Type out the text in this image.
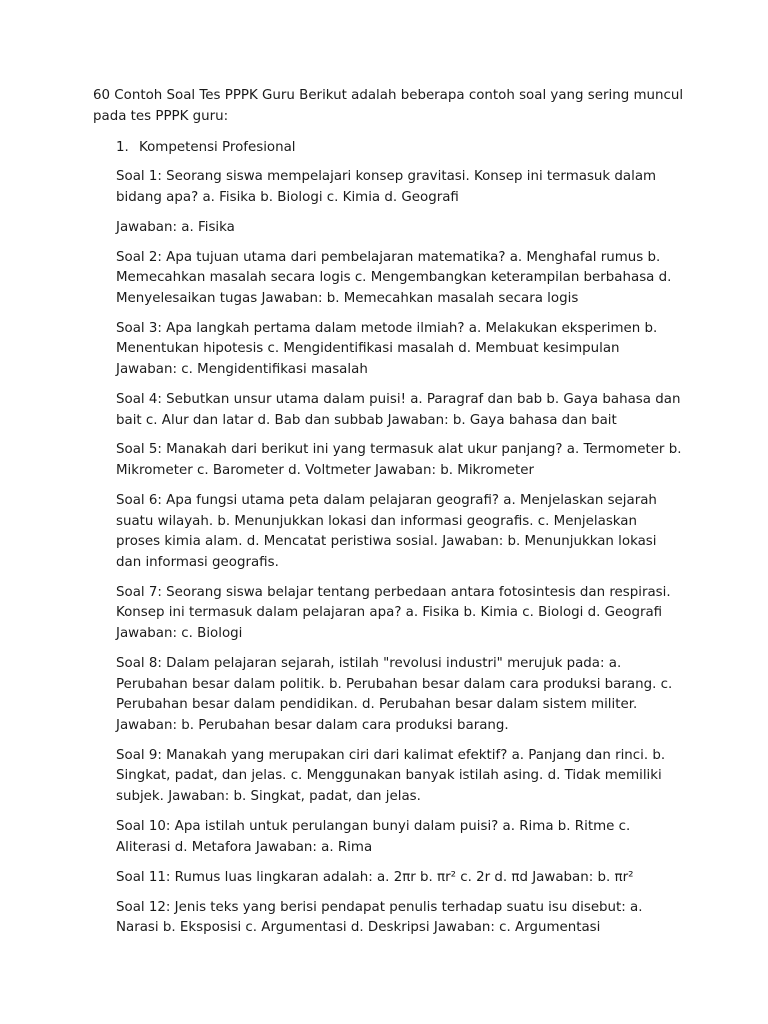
60 Contoh Soal Tes PPPK Guru Berikut adalah beberapa contoh soal yang sering muncul pada tes PPPK guru:

1. Kompetensi Profesional

Soal 1: Seorang siswa mempelajari konsep gravitasi. Konsep ini termasuk dalam bidang apa? a. Fisika b. Biologi c. Kimia d. Geografi

Jawaban: a. Fisika

Soal 2: Apa tujuan utama dari pembelajaran matematika? a. Menghafal rumus b. Memecahkan masalah secara logis c. Mengembangkan keterampilan berbahasa d. Menyelesaikan tugas Jawaban: b. Memecahkan masalah secara logis

Soal 3: Apa langkah pertama dalam metode ilmiah? a. Melakukan eksperimen b. Menentukan hipotesis c. Mengidentifikasi masalah d. Membuat kesimpulan Jawaban: c. Mengidentifikasi masalah

Soal 4: Sebutkan unsur utama dalam puisi! a. Paragraf dan bab b. Gaya bahasa dan bait c. Alur dan latar d. Bab dan subbab Jawaban: b. Gaya bahasa dan bait

Soal 5: Manakah dari berikut ini yang termasuk alat ukur panjang? a. Termometer b. Mikrometer c. Barometer d. Voltmeter Jawaban: b. Mikrometer

Soal 6: Apa fungsi utama peta dalam pelajaran geografi? a. Menjelaskan sejarah suatu wilayah. b. Menunjukkan lokasi dan informasi geografis. c. Menjelaskan proses kimia alam. d. Mencatat peristiwa sosial. Jawaban: b. Menunjukkan lokasi dan informasi geografis.

Soal 7: Seorang siswa belajar tentang perbedaan antara fotosintesis dan respirasi. Konsep ini termasuk dalam pelajaran apa? a. Fisika b. Kimia c. Biologi d. Geografi Jawaban: c. Biologi

Soal 8: Dalam pelajaran sejarah, istilah "revolusi industri" merujuk pada: a. Perubahan besar dalam politik. b. Perubahan besar dalam cara produksi barang. c. Perubahan besar dalam pendidikan. d. Perubahan besar dalam sistem militer. Jawaban: b. Perubahan besar dalam cara produksi barang.

Soal 9: Manakah yang merupakan ciri dari kalimat efektif? a. Panjang dan rinci. b. Singkat, padat, dan jelas. c. Menggunakan banyak istilah asing. d. Tidak memiliki subjek. Jawaban: b. Singkat, padat, dan jelas.

Soal 10: Apa istilah untuk perulangan bunyi dalam puisi? a. Rima b. Ritme c. Aliterasi d. Metafora Jawaban: a. Rima

Soal 11: Rumus luas lingkaran adalah: a. 2πr b. πr² c. 2r d. πd Jawaban: b. πr²

Soal 12: Jenis teks yang berisi pendapat penulis terhadap suatu isu disebut: a. Narasi b. Eksposisi c. Argumentasi d. Deskripsi Jawaban: c. Argumentasi
